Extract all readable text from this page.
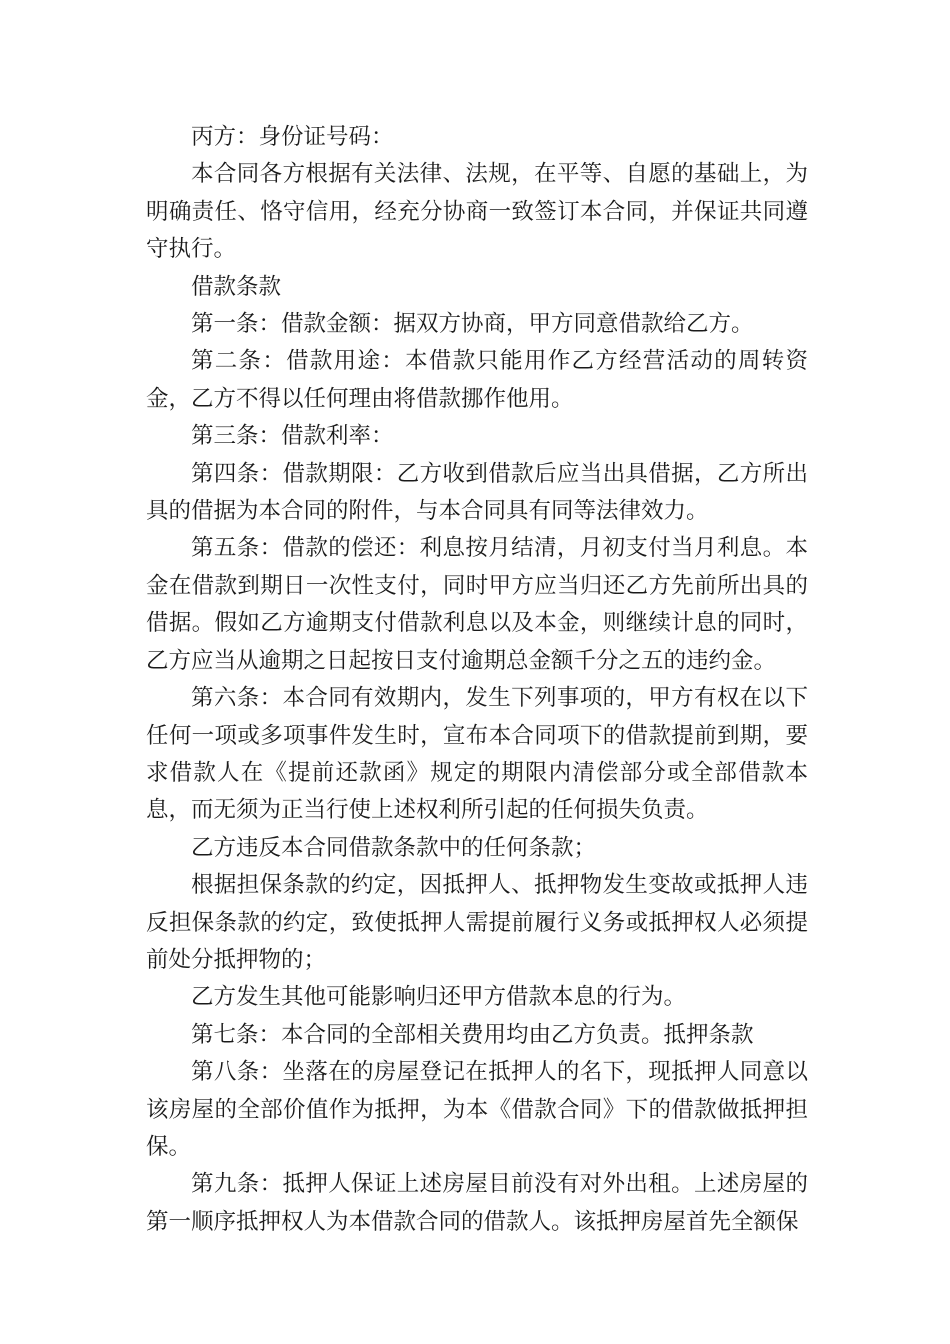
丙方：身份证号码：

本合同各方根据有关法律、法规，在平等、自愿的基础上，为明确责任、恪守信用，经充分协商一致签订本合同，并保证共同遵守执行。

借款条款

第一条：借款金额：据双方协商，甲方同意借款给乙方。

第二条：借款用途：本借款只能用作乙方经营活动的周转资金，乙方不得以任何理由将借款挪作他用。

第三条：借款利率：

第四条：借款期限：乙方收到借款后应当出具借据，乙方所出具的借据为本合同的附件，与本合同具有同等法律效力。

第五条：借款的偿还：利息按月结清，月初支付当月利息。本金在借款到期日一次性支付，同时甲方应当归还乙方先前所出具的借据。假如乙方逾期支付借款利息以及本金，则继续计息的同时，乙方应当从逾期之日起按日支付逾期总金额千分之五的违约金。

第六条：本合同有效期内，发生下列事项的，甲方有权在以下任何一项或多项事件发生时，宣布本合同项下的借款提前到期，要求借款人在《提前还款函》规定的期限内清偿部分或全部借款本息，而无须为正当行使上述权利所引起的任何损失负责。

乙方违反本合同借款条款中的任何条款；

根据担保条款的约定，因抵押人、抵押物发生变故或抵押人违反担保条款的约定，致使抵押人需提前履行义务或抵押权人必须提前处分抵押物的；

乙方发生其他可能影响归还甲方借款本息的行为。

第七条：本合同的全部相关费用均由乙方负责。抵押条款

第八条：坐落在的房屋登记在抵押人的名下，现抵押人同意以该房屋的全部价值作为抵押，为本《借款合同》下的借款做抵押担保。

第九条：抵押人保证上述房屋目前没有对外出租。上述房屋的第一顺序抵押权人为本借款合同的借款人。该抵押房屋首先全额保
